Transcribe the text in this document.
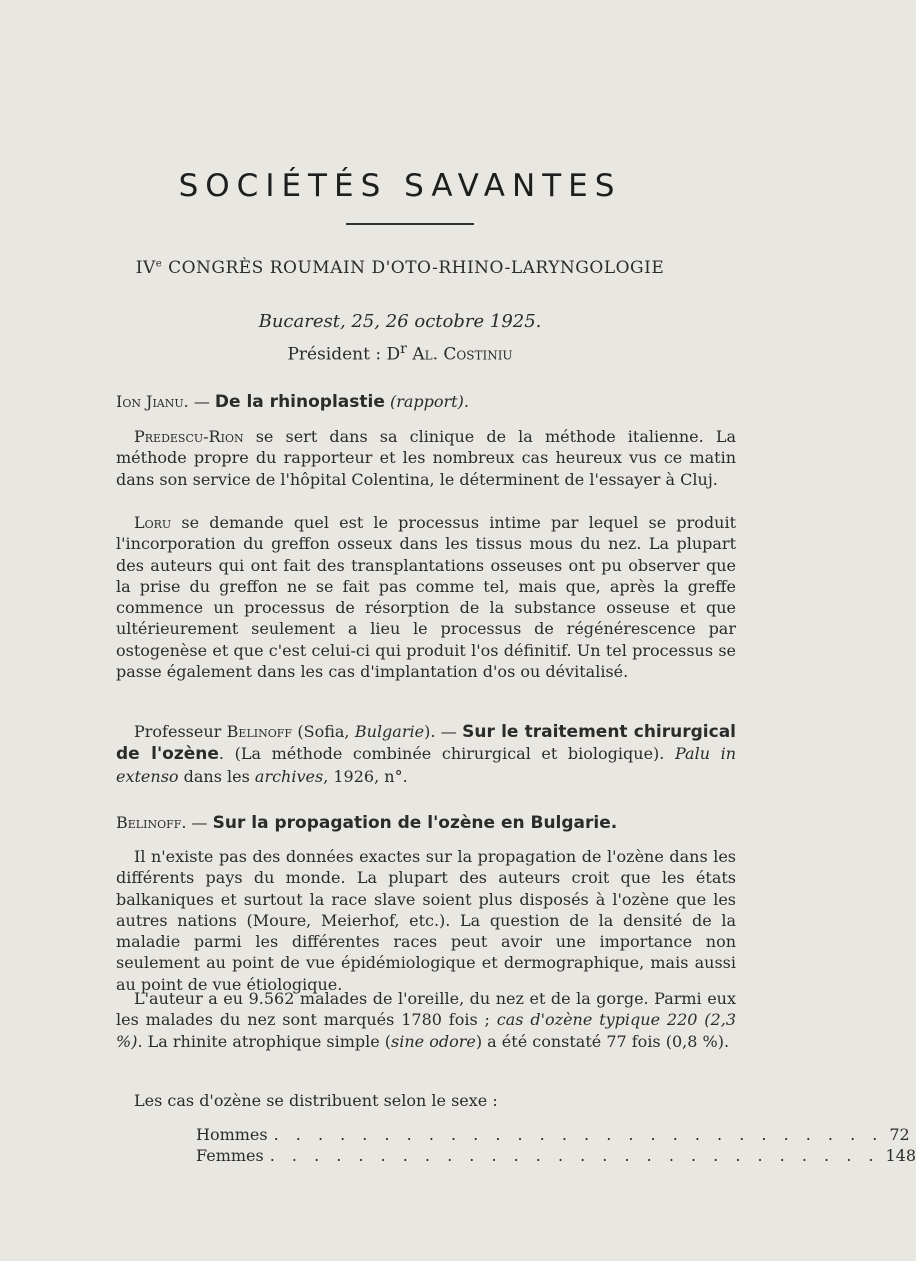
SOCIÉTÉS SAVANTES
IVe CONGRÈS ROUMAIN D'OTO-RHINO-LARYNGOLOGIE
Bucarest, 25, 26 octobre 1925.
Président : $D^r$ Al. Costiniu

Ion Jianu. — De la rhinoplastie (rapport).

Predescu-Rion se sert dans sa clinique de la méthode italienne. La méthode propre du rapporteur et les nombreux cas heureux vus ce matin dans son service de l'hôpital Colentina, le déterminent de l'essayer à Cluj.

Loru se demande quel est le processus intime par lequel se produit l'incorporation du greffon osseux dans les tissus mous du nez. La plupart des auteurs qui ont fait des transplantations osseuses ont pu observer que la prise du greffon ne se fait pas comme tel, mais que, après la greffe commence un processus de résorption de la substance osseuse et que ultérieurement seulement a lieu le processus de régénérescence par ostogenèse et que c'est celui-ci qui produit l'os définitif. Un tel processus se passe également dans les cas d'implantation d'os ou dévitalisé.

Professeur Belinoff (Sofia, Bulgarie). — Sur le traitement chirurgical de l'ozène. (La méthode combinée chirurgical et biologique). Palu in extenso dans les archives, 1926, n°.

Belinoff. — Sur la propagation de l'ozène en Bulgarie.

Il n'existe pas des données exactes sur la propagation de l'ozène dans les différents pays du monde. La plupart des auteurs croit que les états balkaniques et surtout la race slave soient plus disposés à l'ozène que les autres nations (Moure, Meierhof, etc.). La question de la densité de la maladie parmi les différentes races peut avoir une importance non seulement au point de vue épidémiologique et dermographique, mais aussi au point de vue étiologique.

L'auteur a eu 9.562 malades de l'oreille, du nez et de la gorge. Parmi eux les malades du nez sont marqués 1780 fois ; cas d'ozène typique 220 (2,3 %). La rhinite atrophique simple (sine odore) a été constaté 77 fois (0,8 %).

Les cas d'ozène se distribuent selon le sexe :

Hommes . . . . . . . . . . . . . . . . . . . . . . . . . . . . 72
Femmes . . . . . . . . . . . . . . . . . . . . . . . . . . . . 148
